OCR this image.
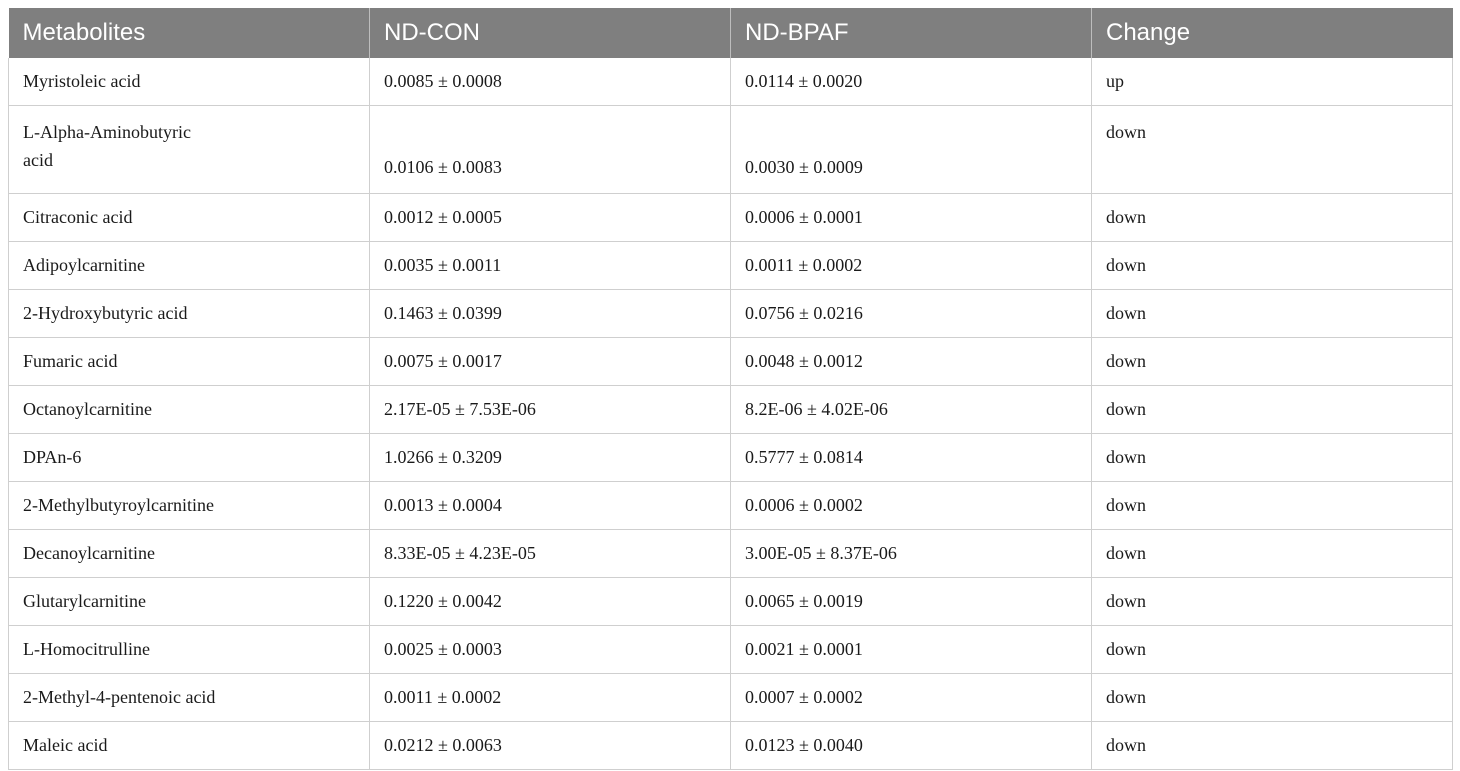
Metabolites	ND-CON	ND-BPAF	Change
Myristoleic acid	0.0085 ± 0.0008	0.0114 ± 0.0020	up

L-Alpha-Aminobutyric acid	0.0106 ± 0.0083	0.0030 ± 0.0009	down
Citraconic acid	0.0012 ± 0.0005	0.0006 ± 0.0001	down
Adipoylcarnitine	0.0035 ± 0.0011	0.0011 ± 0.0002	down
2-Hydroxybutyric acid	0.1463 ± 0.0399	0.0756 ± 0.0216	down
Fumaric acid	0.0075 ± 0.0017	0.0048 ± 0.0012	down
Octanoylcarnitine	2.17E-05 ± 7.53E-06	8.2E-06 ± 4.02E-06	down
DPAn-6	1.0266 ± 0.3209	0.5777 ± 0.0814	down
2-Methylbutyroylcarnitine	0.0013 ± 0.0004	0.0006 ± 0.0002	down
Decanoylcarnitine	8.33E-05 ± 4.23E-05	3.00E-05 ± 8.37E-06	down
Glutarylcarnitine	0.1220 ± 0.0042	0.0065 ± 0.0019	down
L-Homocitrulline	0.0025 ± 0.0003	0.0021 ± 0.0001	down
2-Methyl-4-pentenoic acid	0.0011 ± 0.0002	0.0007 ± 0.0002	down
Maleic acid	0.0212 ± 0.0063	0.0123 ± 0.0040	down
